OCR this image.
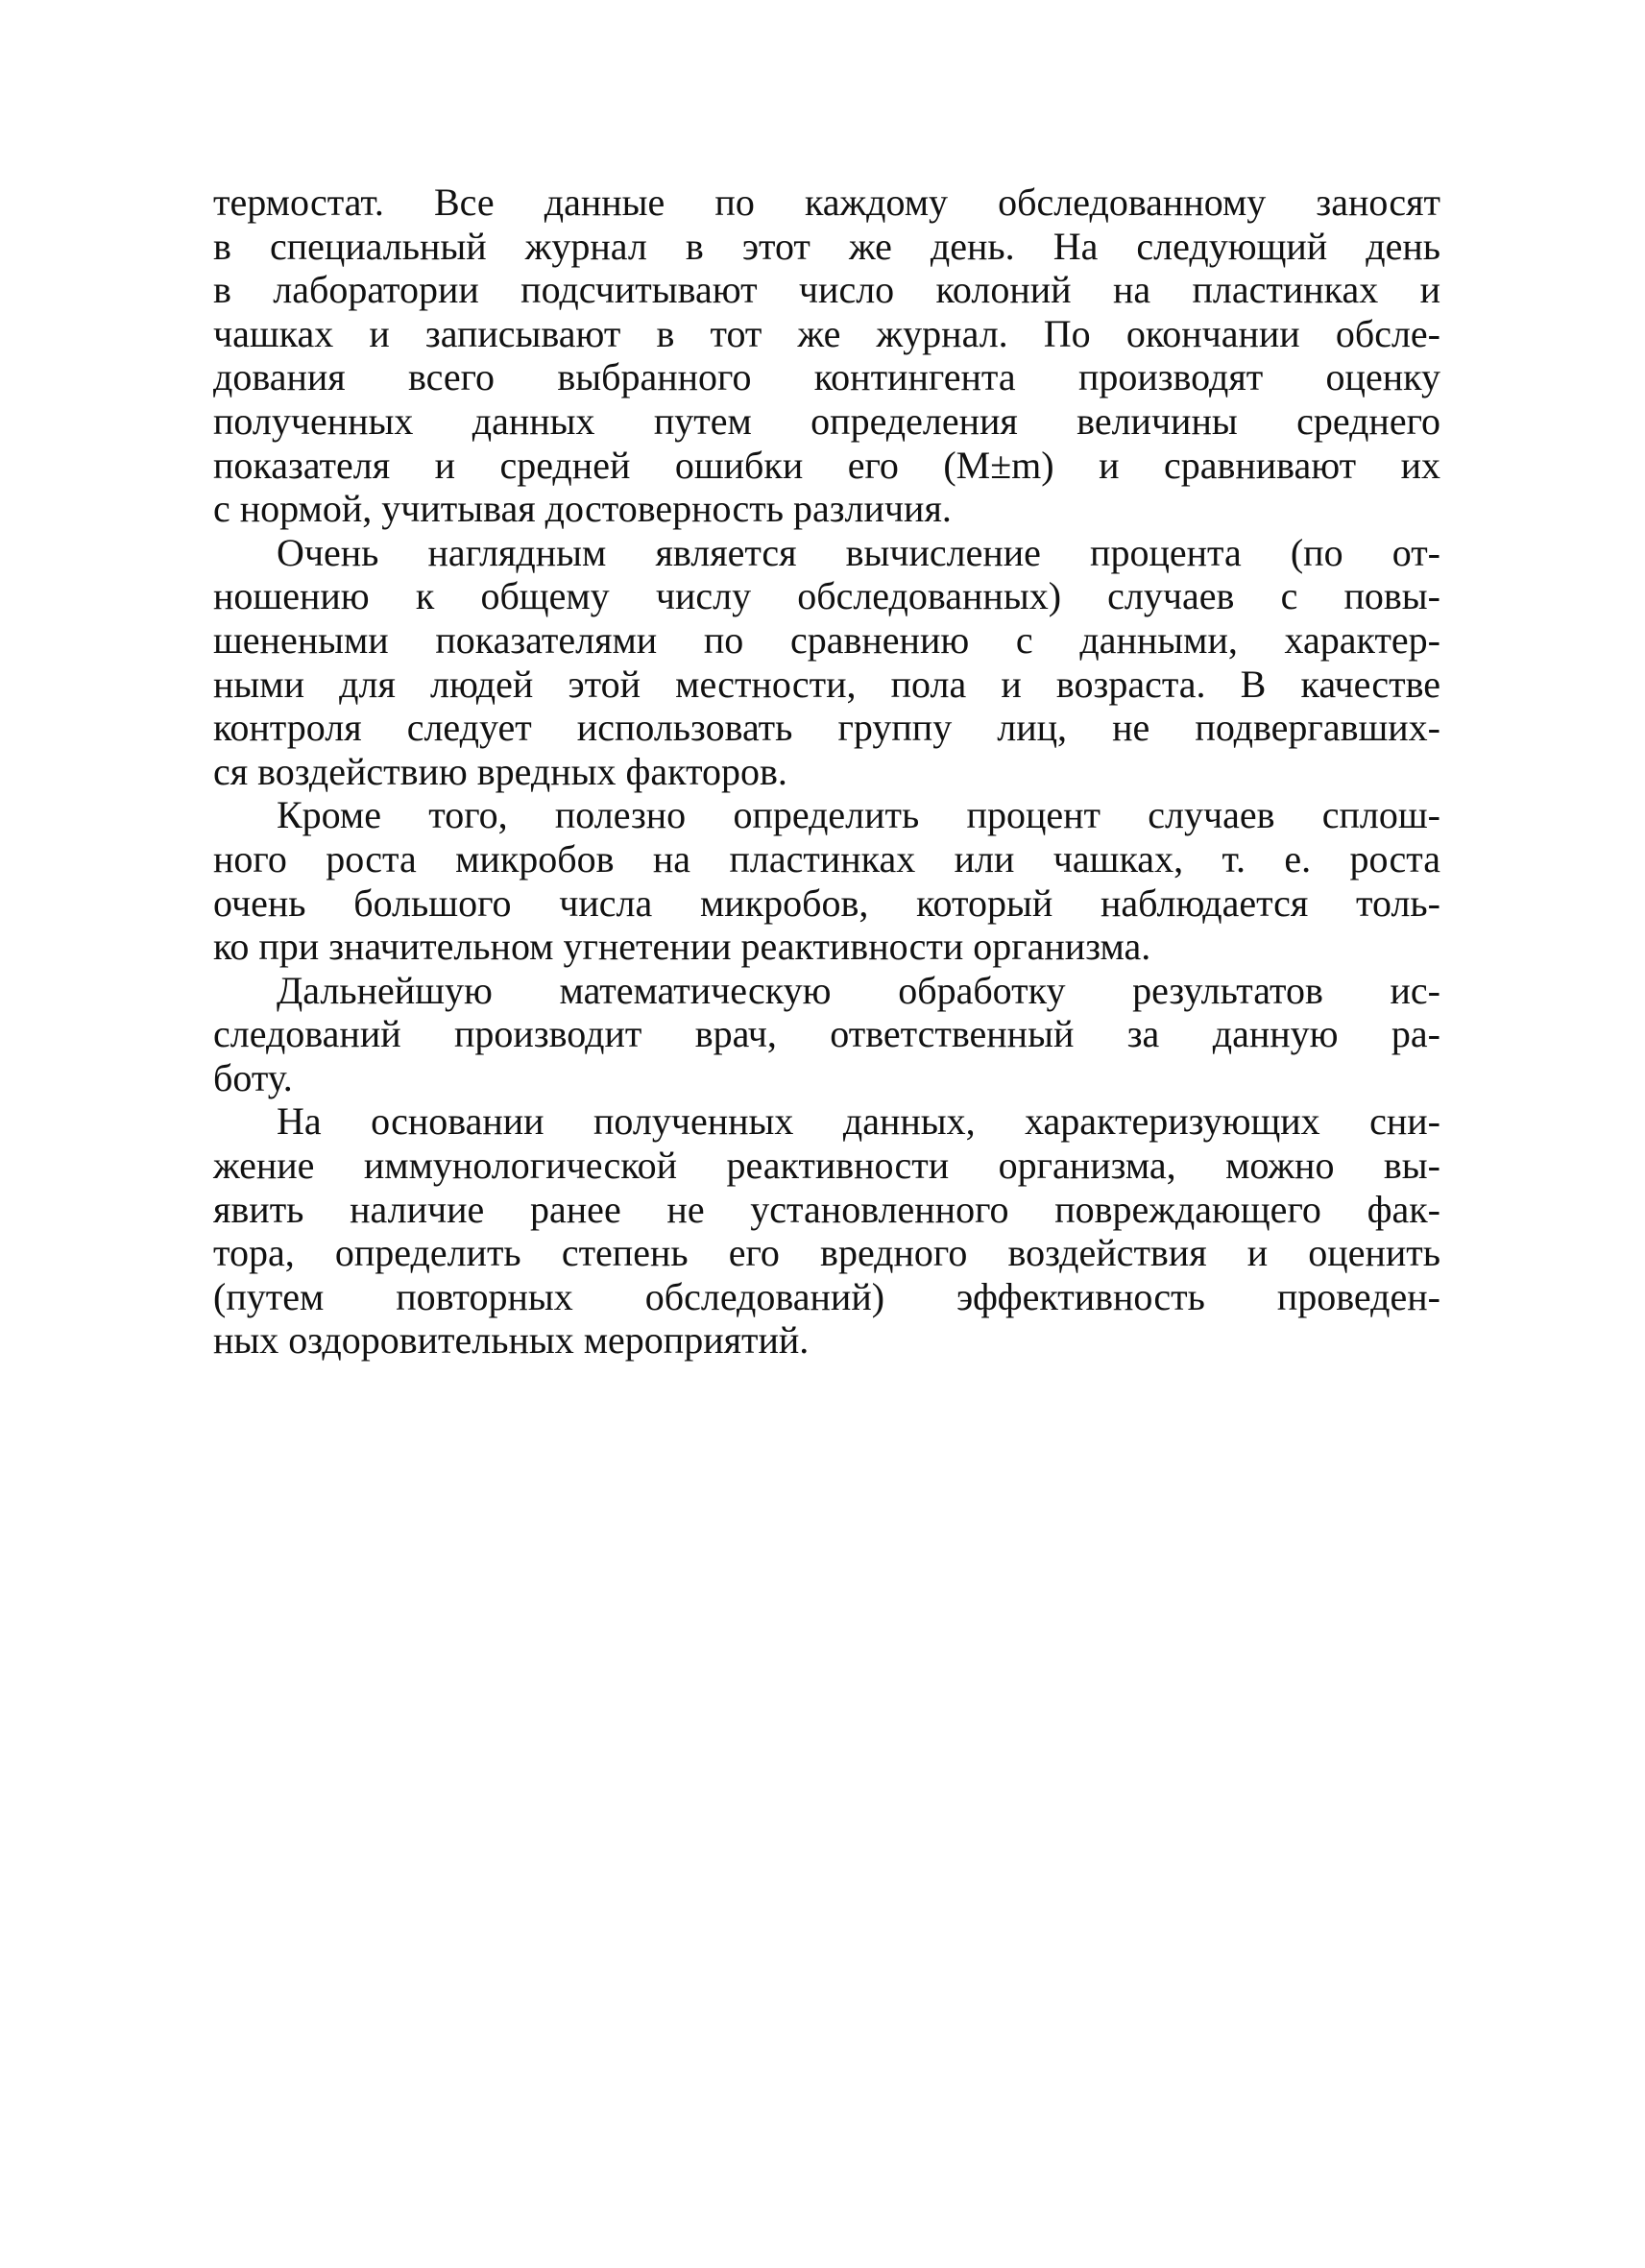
термостат. Все данные по каждому обследованному заносят
в специальный журнал в этот же день. На следующий день
в лаборатории подсчитывают число колоний на пластинках и
чашках и записывают в тот же журнал. По окончании обсле-
дования всего выбранного контингента производят оценку
полученных данных путем определения величины среднего
показателя и средней ошибки его (M±m) и сравнивают их
с нормой, учитывая достоверность различия.

Очень наглядным является вычисление процента (по от-
ношению к общему числу обследованных) случаев с повы-
шенеными показателями по сравнению с данными, характер-
ными для людей этой местности, пола и возраста. В качестве
контроля следует использовать группу лиц, не подвергавших-
ся воздействию вредных факторов.

Кроме того, полезно определить процент случаев сплош-
ного роста микробов на пластинках или чашках, т. е. роста
очень большого числа микробов, который наблюдается толь-
ко при значительном угнетении реактивности организма.

Дальнейшую математическую обработку результатов ис-
следований производит врач, ответственный за данную ра-
боту.

На основании полученных данных, характеризующих сни-
жение иммунологической реактивности организма, можно вы-
явить наличие ранее не установленного повреждающего фак-
тора, определить степень его вредного воздействия и оценить
(путем повторных обследований) эффективность проведен-
ных оздоровительных мероприятий.
